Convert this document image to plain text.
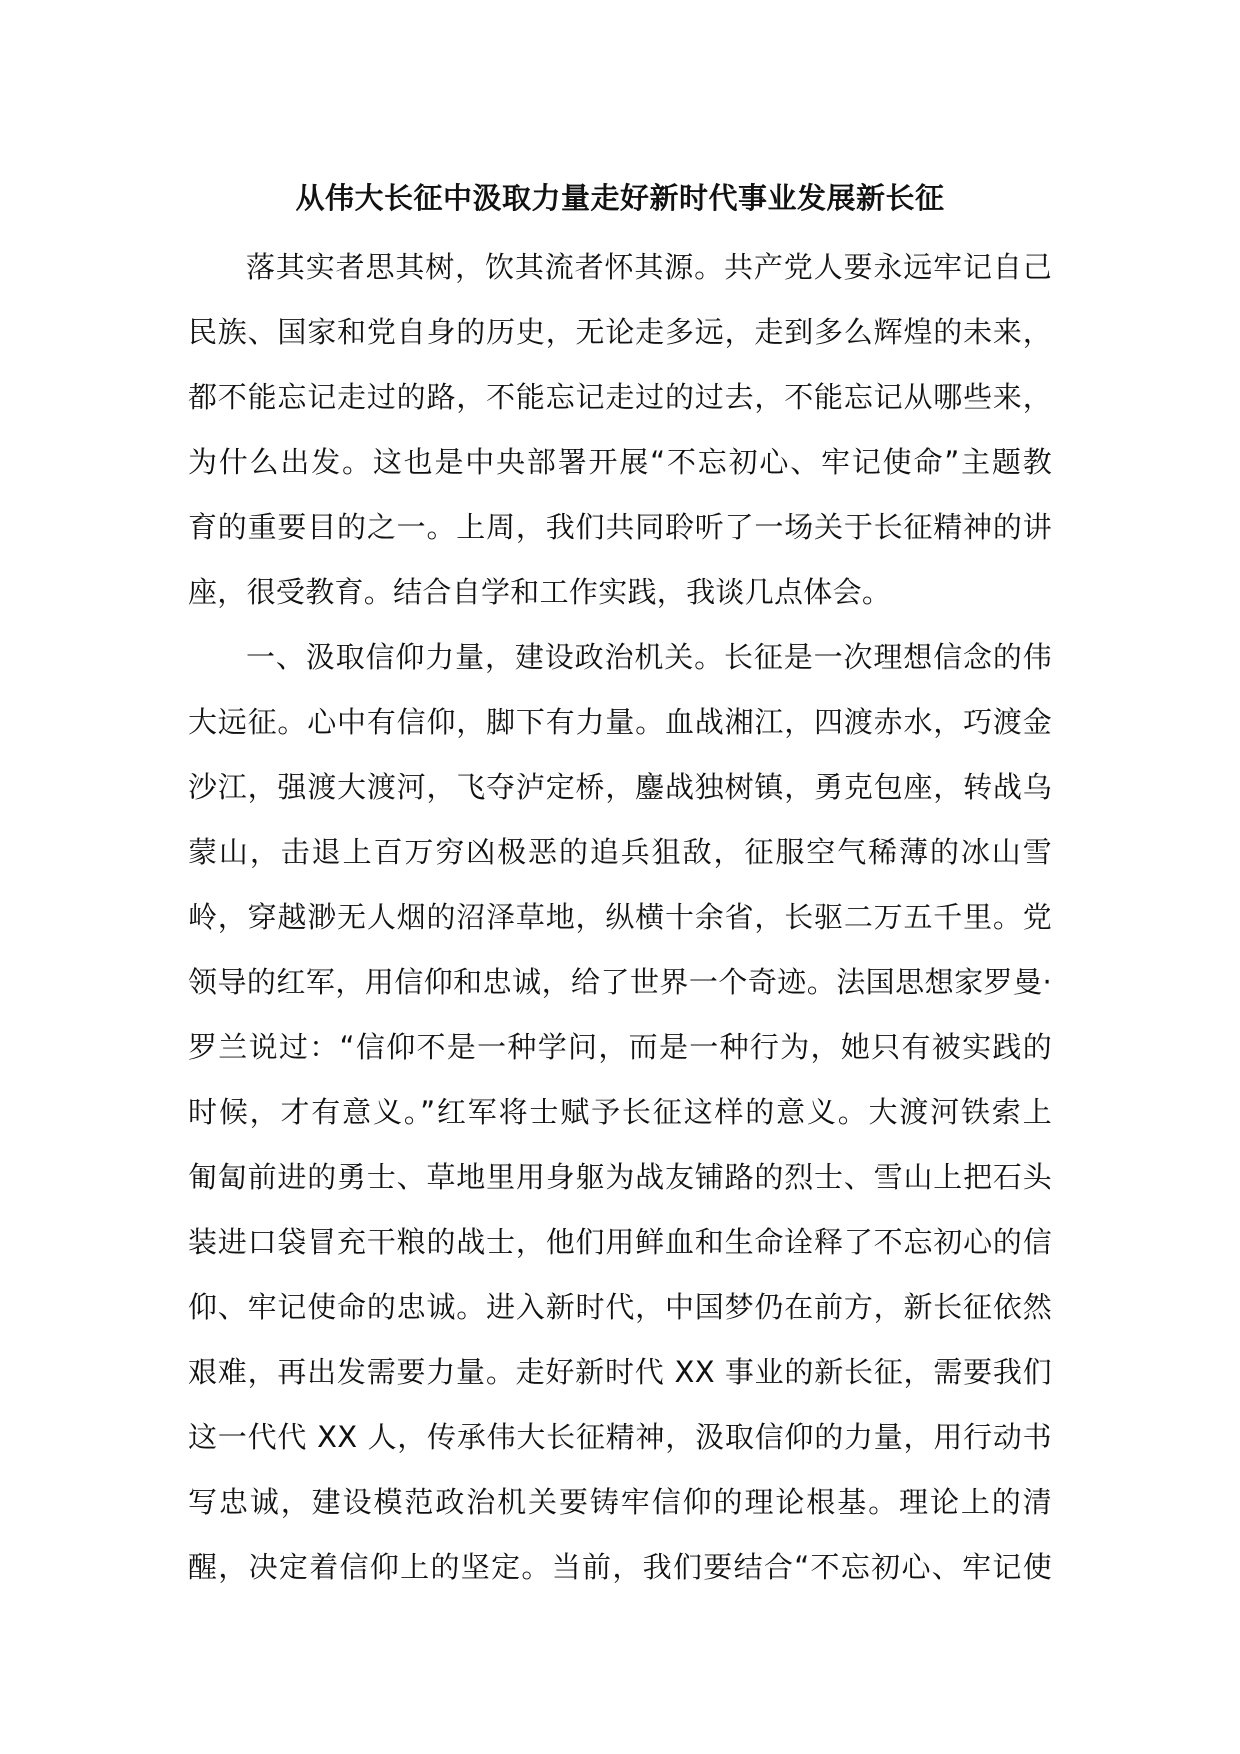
从伟大长征中汲取力量走好新时代事业发展新长征
落其实者思其树，饮其流者怀其源。共产党人要永远牢记自己
民族、国家和党自身的历史，无论走多远，走到多么辉煌的未来，
都不能忘记走过的路，不能忘记走过的过去，不能忘记从哪些来，
为什么出发。这也是中央部署开展“不忘初心、牢记使命”主题教
育的重要目的之一。上周，我们共同聆听了一场关于长征精神的讲
座，很受教育。结合自学和工作实践，我谈几点体会。
一、汲取信仰力量，建设政治机关。长征是一次理想信念的伟
大远征。心中有信仰，脚下有力量。血战湘江，四渡赤水，巧渡金
沙江，强渡大渡河，飞夺泸定桥，鏖战独树镇，勇克包座，转战乌
蒙山，击退上百万穷凶极恶的追兵狙敌，征服空气稀薄的冰山雪
岭，穿越渺无人烟的沼泽草地，纵横十余省，长驱二万五千里。党
领导的红军，用信仰和忠诚，给了世界一个奇迹。法国思想家罗曼·
罗兰说过：“信仰不是一种学问，而是一种行为，她只有被实践的
时候，才有意义。”红军将士赋予长征这样的意义。大渡河铁索上
匍匐前进的勇士、草地里用身躯为战友铺路的烈士、雪山上把石头
装进口袋冒充干粮的战士，他们用鲜血和生命诠释了不忘初心的信
仰、牢记使命的忠诚。进入新时代，中国梦仍在前方，新长征依然
艰难，再出发需要力量。走好新时代 XX 事业的新长征，需要我们
这一代代 XX 人，传承伟大长征精神，汲取信仰的力量，用行动书
写忠诚，建设模范政治机关要铸牢信仰的理论根基。理论上的清
醒，决定着信仰上的坚定。当前，我们要结合“不忘初心、牢记使
